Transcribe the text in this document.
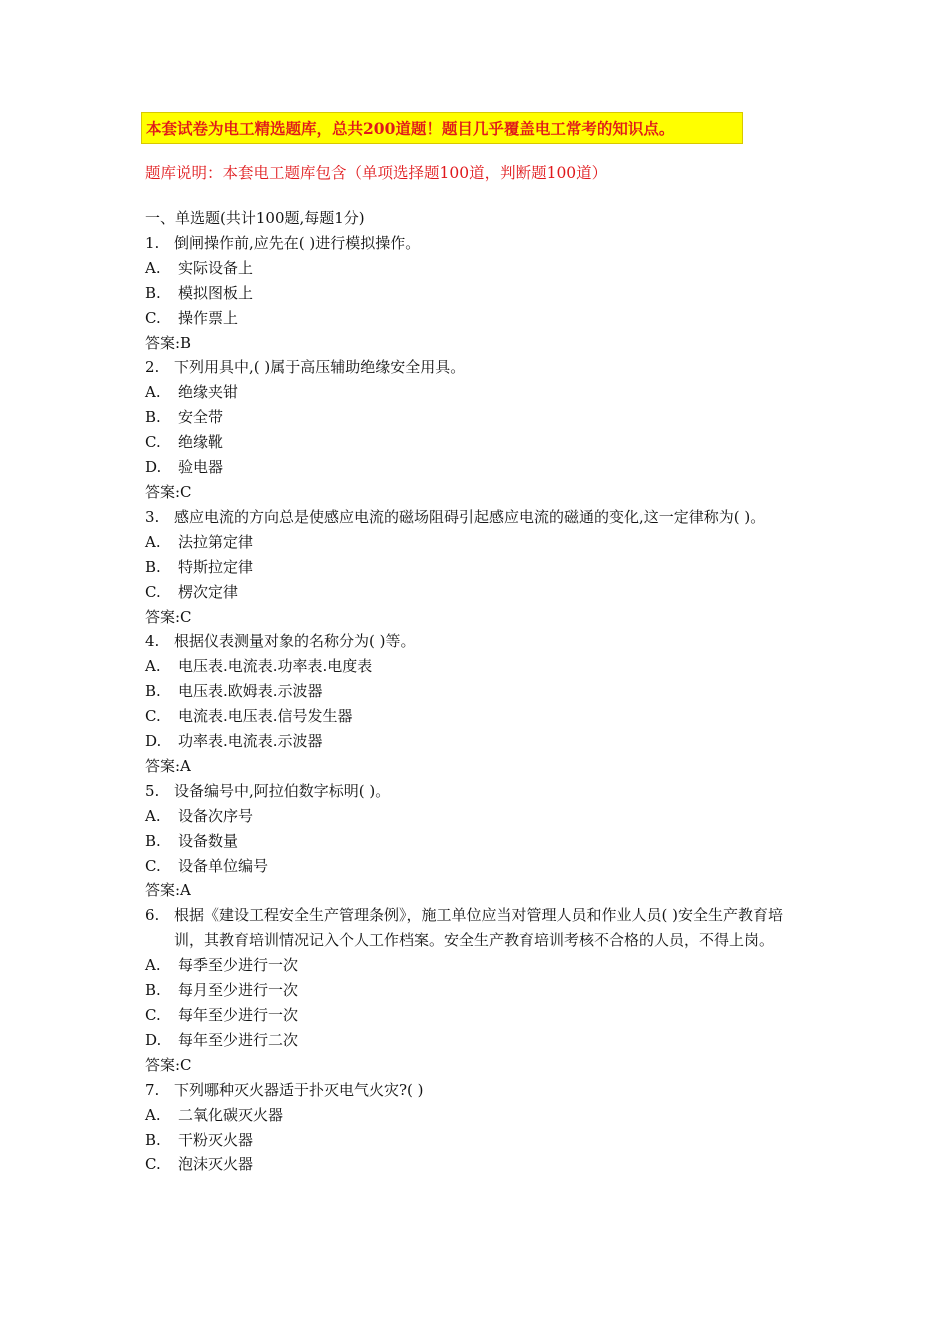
本套试卷为电工精选题库，总共200道题！题目几乎覆盖电工常考的知识点。
题库说明：本套电工题库包含（单项选择题100道，判断题100道）
一、单选题(共计100题,每题1分)
1. 倒闸操作前,应先在( )进行模拟操作。
A.	实际设备上
B.	模拟图板上
C.	操作票上
答案:B
2. 下列用具中,( )属于高压辅助绝缘安全用具。
A.	绝缘夹钳
B.	安全带
C.	绝缘靴
D.	验电器
答案:C
3. 感应电流的方向总是使感应电流的磁场阻碍引起感应电流的磁通的变化,这一定律称为( )。
A.	法拉第定律
B.	特斯拉定律
C.	楞次定律
答案:C
4. 根据仪表测量对象的名称分为( )等。
A.	电压表.电流表.功率表.电度表
B.	电压表.欧姆表.示波器
C.	电流表.电压表.信号发生器
D.	功率表.电流表.示波器
答案:A
5. 设备编号中,阿拉伯数字标明( )。
A.	设备次序号
B.	设备数量
C.	设备单位编号
答案:A
6. 根据《建设工程安全生产管理条例》，施工单位应当对管理人员和作业人员( )安全生产教育培训，其教育培训情况记入个人工作档案。安全生产教育培训考核不合格的人员，不得上岗。
A.	每季至少进行一次
B.	每月至少进行一次
C.	每年至少进行一次
D.	每年至少进行二次
答案:C
7. 下列哪种灭火器适于扑灭电气火灾?( )
A.	二氧化碳灭火器
B.	干粉灭火器
C.	泡沫灭火器
